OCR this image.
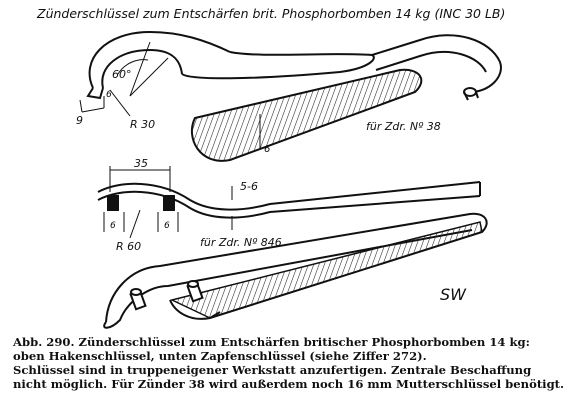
Zünderschlüssel zum Entschärfen brit. Phosphorbomben 14 kg (INC 30 LB)
60°
6
9	R 30
6
für Zdr. Nº 38
35
5-6
6	6
R 60	für Zdr. Nº 846
SW
Abb. 290. Zünderschlüssel zum Entschärfen britischer Phosphorbomben 14 kg:
oben Hakenschlüssel, unten Zapfenschlüssel (siehe Ziffer 272).
Schlüssel sind in truppeneigener Werkstatt anzufertigen. Zentrale Beschaffung
nicht möglich. Für Zünder 38 wird außerdem noch 16 mm Mutterschlüssel benötigt.
